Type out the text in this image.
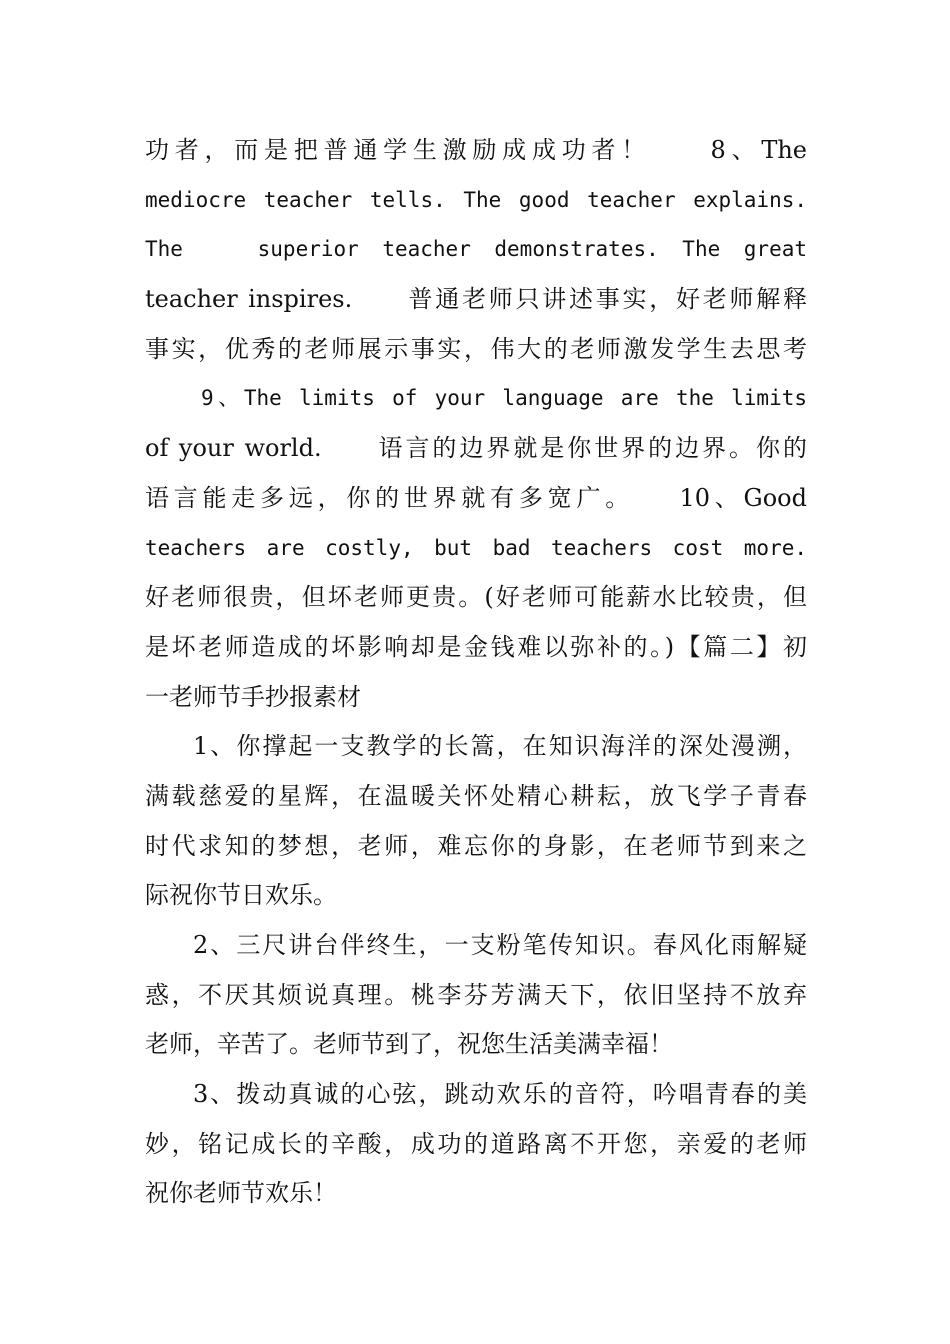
功者，而是把普通学生激励成成功者！　　8、The
mediocre teacher tells. The good teacher explains.
The　　superior teacher demonstrates. The great
teacher inspires.　　普通老师只讲述事实，好老师解释
事实，优秀的老师展示事实，伟大的老师激发学生去思考
9、The limits of your language are the limits
of your world.　　语言的边界就是你世界的边界。你的
语言能走多远，你的世界就有多宽广。　　10、Good
teachers are costly, but bad teachers cost more.
好老师很贵，但坏老师更贵。(好老师可能薪水比较贵，但
是坏老师造成的坏影响却是金钱难以弥补的。)【篇二】初
一老师节手抄报素材
1、你撑起一支教学的长篙，在知识海洋的深处漫溯，
满载慈爱的星辉，在温暖关怀处精心耕耘，放飞学子青春
时代求知的梦想，老师，难忘你的身影，在老师节到来之
际祝你节日欢乐。
2、三尺讲台伴终生，一支粉笔传知识。春风化雨解疑
惑，不厌其烦说真理。桃李芬芳满天下，依旧坚持不放弃
老师，辛苦了。老师节到了，祝您生活美满幸福！
3、拨动真诚的心弦，跳动欢乐的音符，吟唱青春的美
妙，铭记成长的辛酸，成功的道路离不开您，亲爱的老师
祝你老师节欢乐！
